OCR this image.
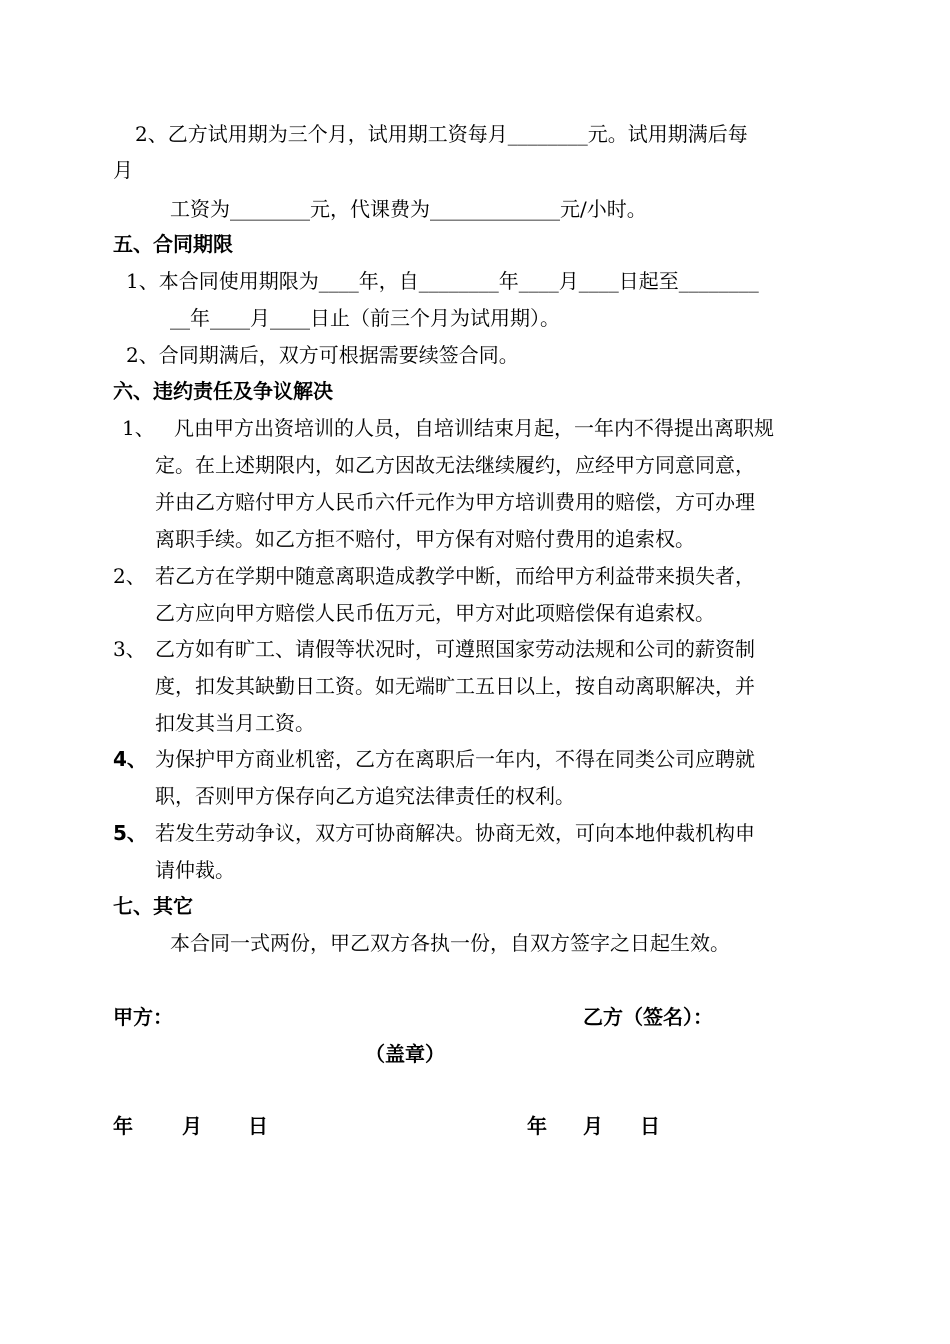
2、乙方试用期为三个月，试用期工资每月________元。试用期满后每
月
工资为________元，代课费为_____________元/小时。
五、合同期限
1、本合同使用期限为____年，自________年____月____日起至________
__年____月____日止（前三个月为试用期）。
2、合同期满后，双方可根据需要续签合同。
六、违约责任及争议解决
1、 凡由甲方出资培训的人员，自培训结束月起，一年内不得提出离职规
定。在上述期限内，如乙方因故无法继续履约，应经甲方同意同意，
并由乙方赔付甲方人民币六仟元作为甲方培训费用的赔偿，方可办理
离职手续。如乙方拒不赔付，甲方保有对赔付费用的追索权。
2、 若乙方在学期中随意离职造成教学中断，而给甲方利益带来损失者，
乙方应向甲方赔偿人民币伍万元，甲方对此项赔偿保有追索权。
3、 乙方如有旷工、请假等状况时，可遵照国家劳动法规和公司的薪资制
度，扣发其缺勤日工资。如无端旷工五日以上，按自动离职解决，并
扣发其当月工资。
4、 为保护甲方商业机密，乙方在离职后一年内，不得在同类公司应聘就
职，否则甲方保存向乙方追究法律责任的权利。
5、 若发生劳动争议，双方可协商解决。协商无效，可向本地仲裁机构申
请仲裁。
七、其它
本合同一式两份，甲乙双方各执一份，自双方签字之日起生效。
甲方：	乙方（签名）：
（盖章）
年 月 日	年 月 日
